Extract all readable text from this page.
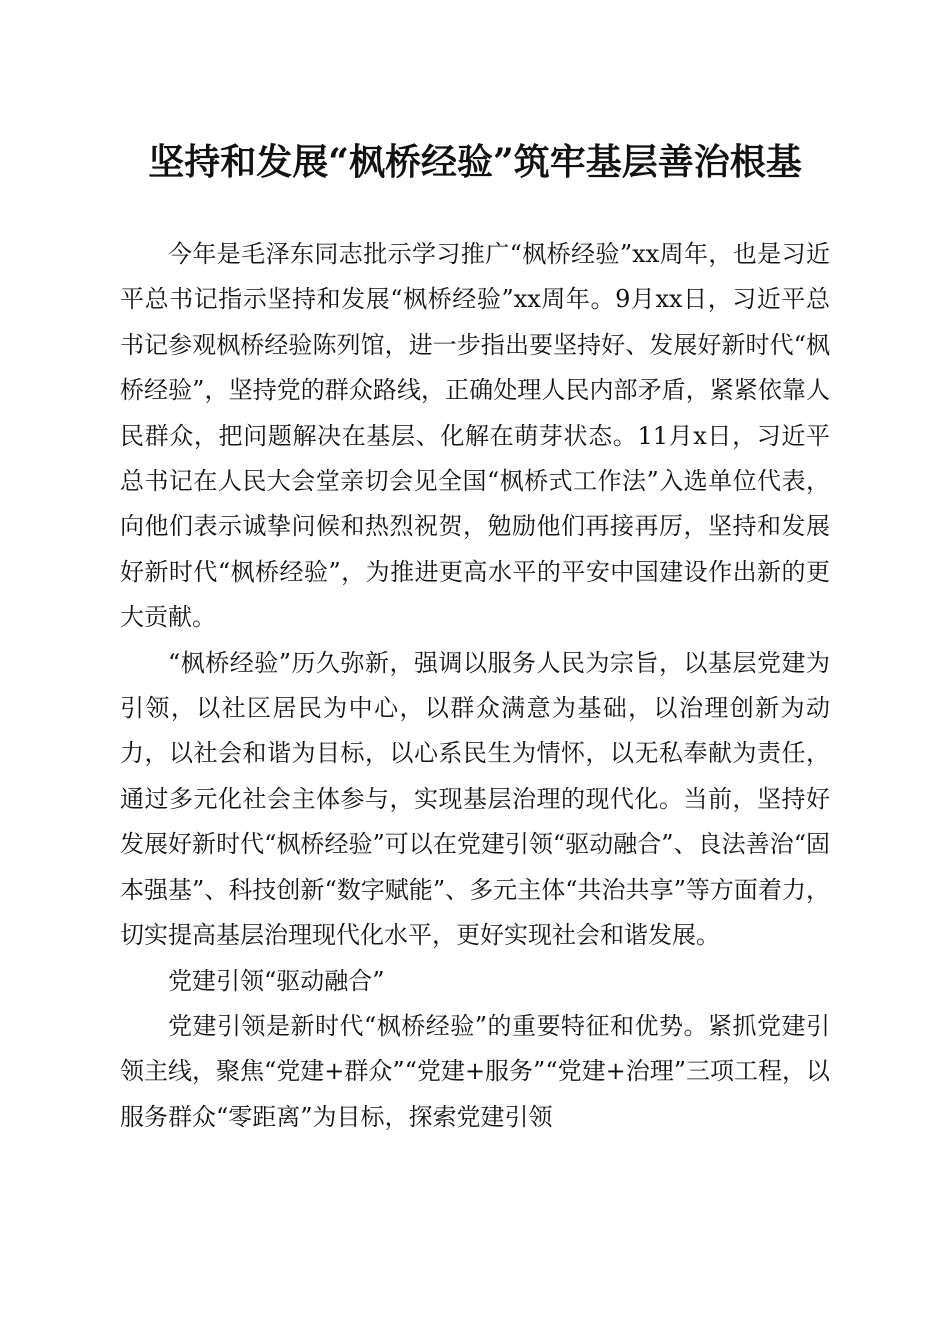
坚持和发展“枫桥经验”筑牢基层善治根基

今年是毛泽东同志批示学习推广“枫桥经验”xx周年，也是习近平总书记指示坚持和发展“枫桥经验”xx周年。9月xx日，习近平总书记参观枫桥经验陈列馆，进一步指出要坚持好、发展好新时代“枫桥经验”，坚持党的群众路线，正确处理人民内部矛盾，紧紧依靠人民群众，把问题解决在基层、化解在萌芽状态。11月x日，习近平总书记在人民大会堂亲切会见全国“枫桥式工作法”入选单位代表，向他们表示诚挚问候和热烈祝贺，勉励他们再接再厉，坚持和发展好新时代“枫桥经验”，为推进更高水平的平安中国建设作出新的更大贡献。

“枫桥经验”历久弥新，强调以服务人民为宗旨，以基层党建为引领，以社区居民为中心，以群众满意为基础，以治理创新为动力，以社会和谐为目标，以心系民生为情怀，以无私奉献为责任，通过多元化社会主体参与，实现基层治理的现代化。当前，坚持好发展好新时代“枫桥经验”可以在党建引领“驱动融合”、良法善治“固本强基”、科技创新“数字赋能”、多元主体“共治共享”等方面着力，切实提高基层治理现代化水平，更好实现社会和谐发展。

党建引领“驱动融合”

党建引领是新时代“枫桥经验”的重要特征和优势。紧抓党建引领主线，聚焦“党建+群众”“党建+服务”“党建+治理”三项工程，以服务群众“零距离”为目标，探索党建引领
